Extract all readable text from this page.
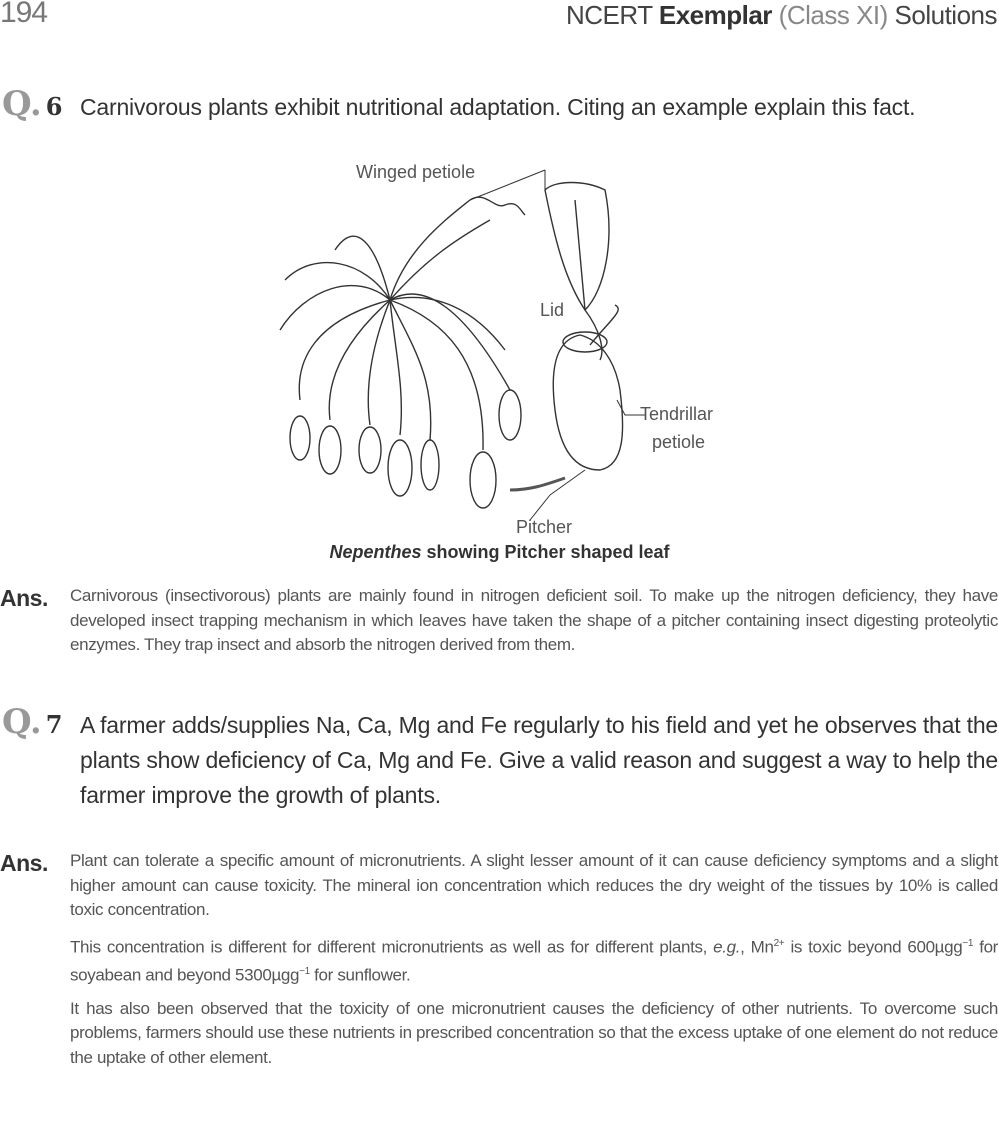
194	NCERT Exemplar (Class XI) Solutions
Q. 6 Carnivorous plants exhibit nutritional adaptation. Citing an example explain this fact.
Winged petiole
Lid
Tendrillar
petiole
Pitcher
Nepenthes showing Pitcher shaped leaf
Ans. Carnivorous (insectivorous) plants are mainly found in nitrogen deficient soil. To make up the nitrogen deficiency, they have developed insect trapping mechanism in which leaves have taken the shape of a pitcher containing insect digesting proteolytic enzymes. They trap insect and absorb the nitrogen derived from them.
Q. 7 A farmer adds/supplies Na, Ca, Mg and Fe regularly to his field and yet he observes that the plants show deficiency of Ca, Mg and Fe. Give a valid reason and suggest a way to help the farmer improve the growth of plants.
Ans. Plant can tolerate a specific amount of micronutrients. A slight lesser amount of it can cause deficiency symptoms and a slight higher amount can cause toxicity. The mineral ion concentration which reduces the dry weight of the tissues by 10% is called toxic concentration.

This concentration is different for different micronutrients as well as for different plants, e.g., $Mn^{2+}$ is toxic beyond 600µgg$^{-1}$ for soyabean and beyond 5300µgg$^{-1}$ for sunflower.

It has also been observed that the toxicity of one micronutrient causes the deficiency of other nutrients. To overcome such problems, farmers should use these nutrients in prescribed concentration so that the excess uptake of one element do not reduce the uptake of other element.
